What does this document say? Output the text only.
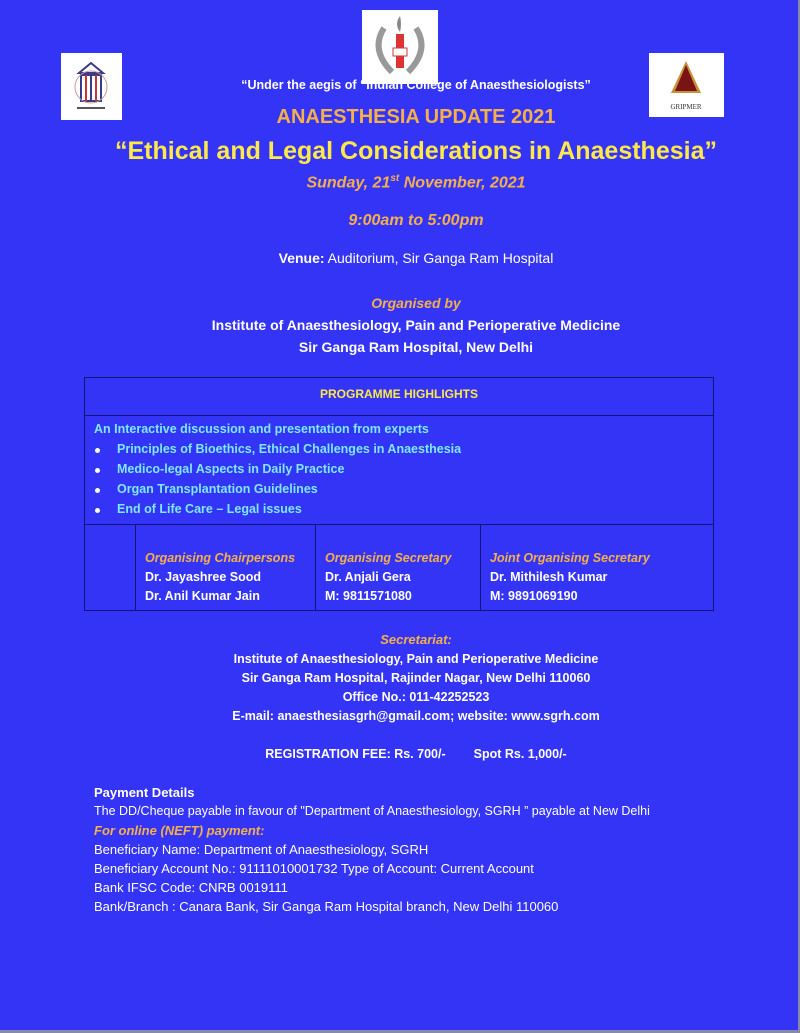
GRIPMER
“Under the aegis of “Indian College of Anaesthesiologists”
ANAESTHESIA UPDATE 2021
“Ethical and Legal Considerations in Anaesthesia”
Sunday, 21st November, 2021
9:00am to 5:00pm
Venue: Auditorium, Sir Ganga Ram Hospital
Organised by
Institute of Anaesthesiology, Pain and Perioperative Medicine
Sir Ganga Ram Hospital, New Delhi
PROGRAMME HIGHLIGHTS
An Interactive discussion and presentation from experts
Principles of Bioethics, Ethical Challenges in Anaesthesia
Medico-legal Aspects in Daily Practice
Organ Transplantation Guidelines
End of Life Care – Legal issues
Organising Chairpersons
Dr. Jayashree Sood
Dr. Anil Kumar Jain
Organising Secretary
Dr. Anjali Gera
M: 9811571080
Joint Organising Secretary
Dr. Mithilesh Kumar
M: 9891069190
Secretariat:
Institute of Anaesthesiology, Pain and Perioperative Medicine
Sir Ganga Ram Hospital, Rajinder Nagar, New Delhi 110060
Office No.: 011-42252523
E-mail: anaesthesiasgrh@gmail.com; website: www.sgrh.com
REGISTRATION FEE: Rs. 700/- Spot Rs. 1,000/-
Payment Details
The DD/Cheque payable in favour of "Department of Anaesthesiology, SGRH ” payable at New Delhi
For online (NEFT) payment:
Beneficiary Name: Department of Anaesthesiology, SGRH
Beneficiary Account No.: 91111010001732 Type of Account: Current Account
Bank IFSC Code: CNRB 0019111
Bank/Branch : Canara Bank, Sir Ganga Ram Hospital branch, New Delhi 110060
